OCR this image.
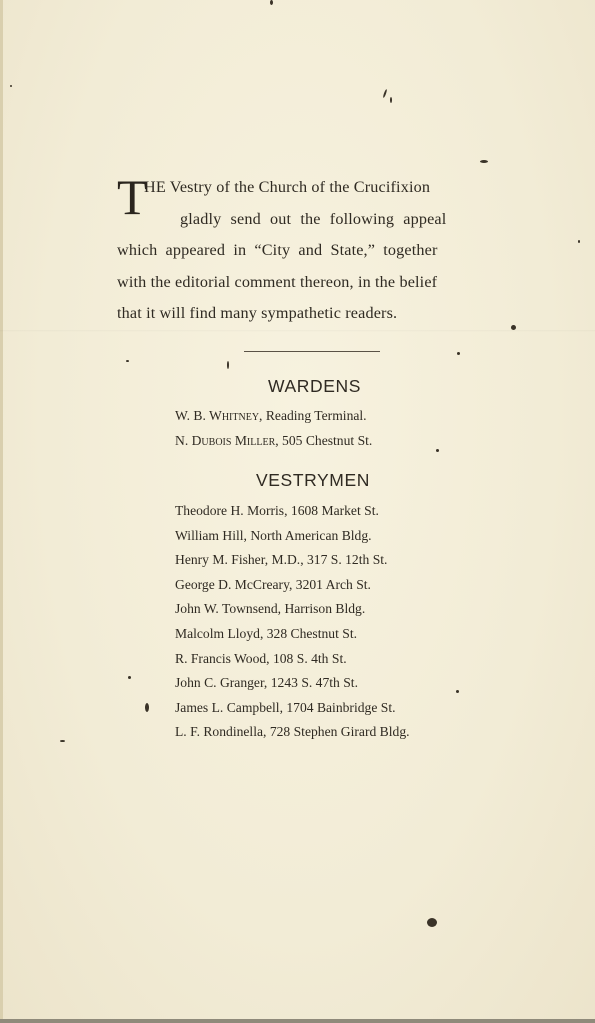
T
HE Vestry of the Church of the Crucifixion
gladly send out the following appeal
which appeared in “City and State,” together
with the editorial comment thereon, in the belief
that it will find many sympathetic readers.
WARDENS
W. B. Whitney, Reading Terminal.
N. Dubois Miller, 505 Chestnut St.
VESTRYMEN
Theodore H. Morris, 1608 Market St.
William Hill, North American Bldg.
Henry M. Fisher, M.D., 317 S. 12th St.
George D. McCreary, 3201 Arch St.
John W. Townsend, Harrison Bldg.
Malcolm Lloyd, 328 Chestnut St.
R. Francis Wood, 108 S. 4th St.
John C. Granger, 1243 S. 47th St.
James L. Campbell, 1704 Bainbridge St.
L. F. Rondinella, 728 Stephen Girard Bldg.
